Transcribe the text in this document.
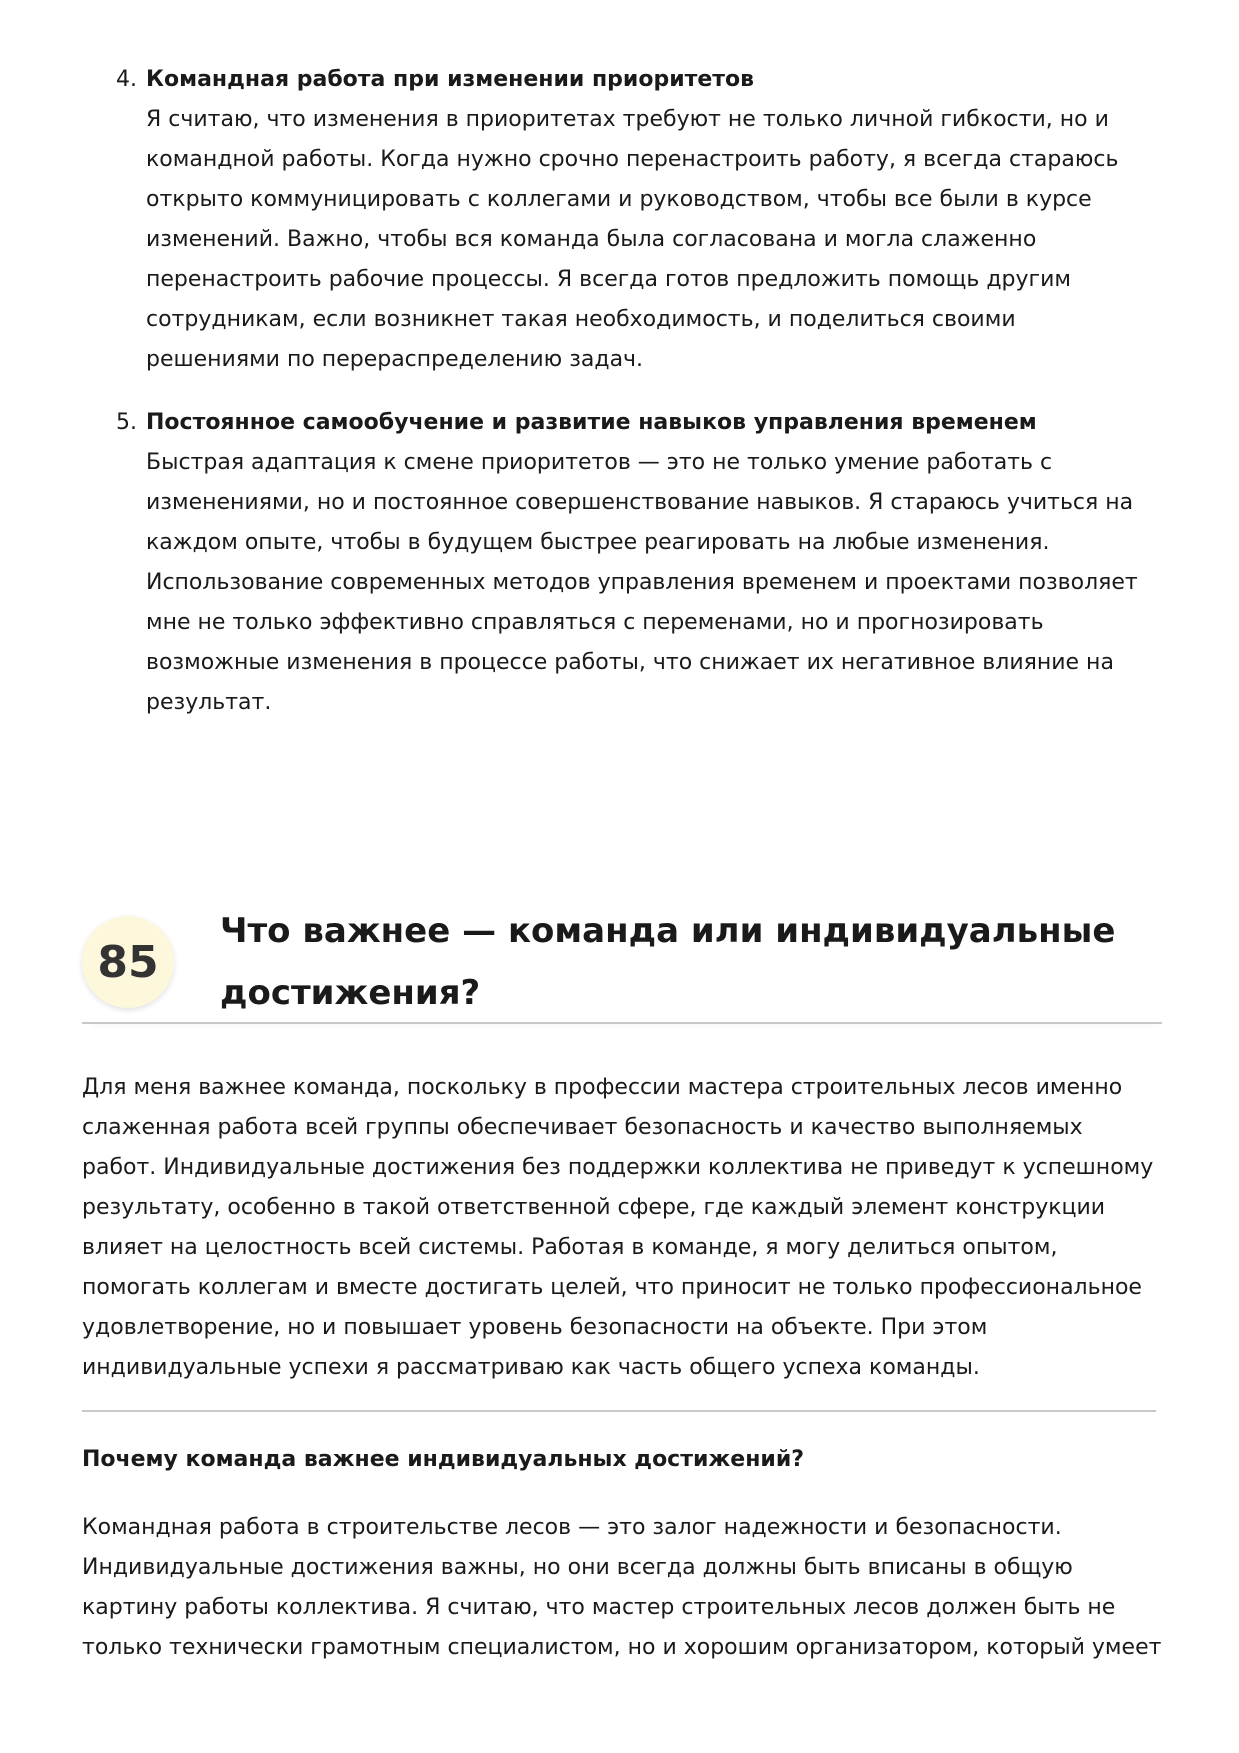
4. Командная работа при изменении приоритетов

Я считаю, что изменения в приоритетах требуют не только личной гибкости, но и командной работы. Когда нужно срочно перенастроить работу, я всегда стараюсь открыто коммуницировать с коллегами и руководством, чтобы все были в курсе изменений. Важно, чтобы вся команда была согласована и могла слаженно перенастроить рабочие процессы. Я всегда готов предложить помощь другим сотрудникам, если возникнет такая необходимость, и поделиться своими решениями по перераспределению задач.

5. Постоянное самообучение и развитие навыков управления временем

Быстрая адаптация к смене приоритетов — это не только умение работать с изменениями, но и постоянное совершенствование навыков. Я стараюсь учиться на каждом опыте, чтобы в будущем быстрее реагировать на любые изменения. Использование современных методов управления временем и проектами позволяет мне не только эффективно справляться с переменами, но и прогнозировать возможные изменения в процессе работы, что снижает их негативное влияние на результат.

85
Что важнее — команда или индивидуальные достижения?

Для меня важнее команда, поскольку в профессии мастера строительных лесов именно слаженная работа всей группы обеспечивает безопасность и качество выполняемых работ. Индивидуальные достижения без поддержки коллектива не приведут к успешному результату, особенно в такой ответственной сфере, где каждый элемент конструкции влияет на целостность всей системы. Работая в команде, я могу делиться опытом, помогать коллегам и вместе достигать целей, что приносит не только профессиональное удовлетворение, но и повышает уровень безопасности на объекте. При этом индивидуальные успехи я рассматриваю как часть общего успеха команды.

Почему команда важнее индивидуальных достижений?

Командная работа в строительстве лесов — это залог надежности и безопасности. Индивидуальные достижения важны, но они всегда должны быть вписаны в общую картину работы коллектива. Я считаю, что мастер строительных лесов должен быть не только технически грамотным специалистом, но и хорошим организатором, который умеет
